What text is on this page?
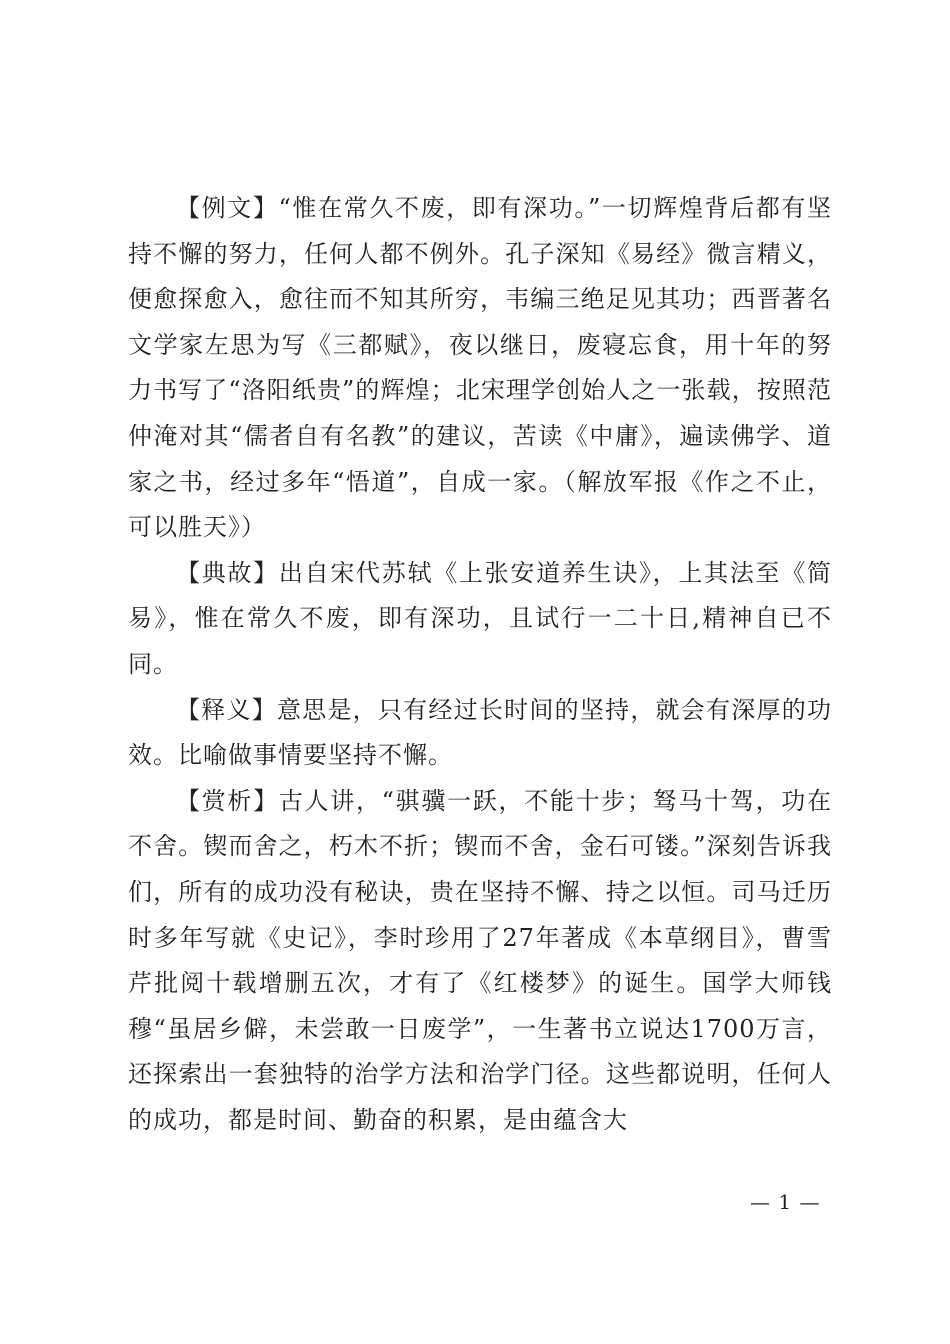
【例文】“惟在常久不废，即有深功。”一切辉煌背后都有坚持不懈的努力，任何人都不例外。孔子深知《易经》微言精义，便愈探愈入，愈往而不知其所穷，韦编三绝足见其功；西晋著名文学家左思为写《三都赋》，夜以继日，废寝忘食，用十年的努力书写了“洛阳纸贵”的辉煌；北宋理学创始人之一张载，按照范仲淹对其“儒者自有名教”的建议，苦读《中庸》，遍读佛学、道家之书，经过多年“悟道”，自成一家。（解放军报《作之不止，可以胜天》）

【典故】出自宋代苏轼《上张安道养生诀》，上其法至《简易》，惟在常久不废，即有深功，且试行一二十日,精神自已不同。

【释义】意思是，只有经过长时间的坚持，就会有深厚的功效。比喻做事情要坚持不懈。

【赏析】古人讲，“骐骥一跃，不能十步；驽马十驾，功在不舍。锲而舍之，朽木不折；锲而不舍，金石可镂。”深刻告诉我们，所有的成功没有秘诀，贵在坚持不懈、持之以恒。司马迁历时多年写就《史记》，李时珍用了27年著成《本草纲目》，曹雪芹批阅十载增删五次，才有了《红楼梦》的诞生。国学大师钱穆“虽居乡僻，未尝敢一日废学”，一生著书立说达1700万言，还探索出一套独特的治学方法和治学门径。这些都说明，任何人的成功，都是时间、勤奋的积累，是由蕴含大

— 1 —
